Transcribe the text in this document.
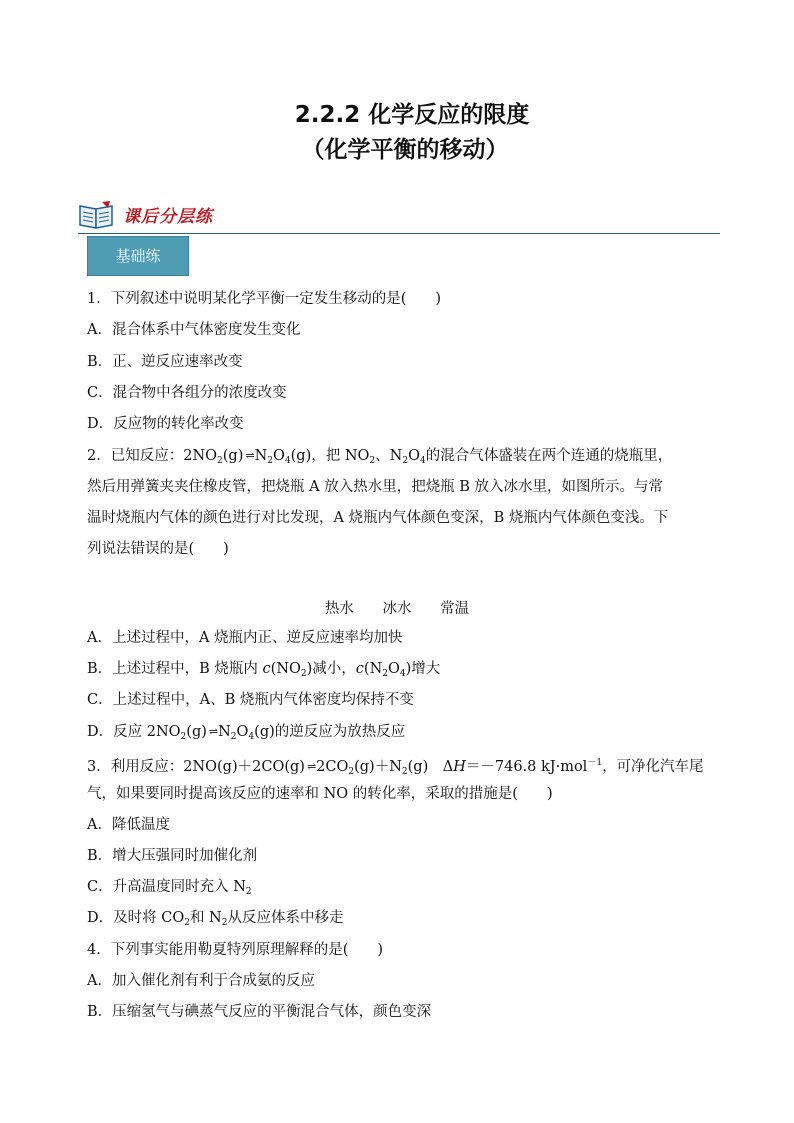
2.2.2 化学反应的限度
（化学平衡的移动）
课后分层练
基础练
1．下列叙述中说明某化学平衡一定发生移动的是(　　)
A．混合体系中气体密度发生变化
B．正、逆反应速率改变
C．混合物中各组分的浓度改变
D．反应物的转化率改变
2．已知反应：$2NO_2(g)$ ⇌ $N_2O_4(g)$，把 $NO_2$、$N_2O_4$的混合气体盛装在两个连通的烧瓶里，
然后用弹簧夹夹住橡皮管，把烧瓶 A 放入热水里，把烧瓶 B 放入冰水里，如图所示。与常
温时烧瓶内气体的颜色进行对比发现，A 烧瓶内气体颜色变深，B 烧瓶内气体颜色变浅。下
列说法错误的是(　　)
热水 冰水 常温
A．上述过程中，A 烧瓶内正、逆反应速率均加快
B．上述过程中，B 烧瓶内 $c(NO_2)$减小，$c(N_2O_4)$增大
C．上述过程中，A、B 烧瓶内气体密度均保持不变
D．反应 $2NO_2(g)$ ⇌ $N_2O_4(g)$的逆反应为放热反应
3．利用反应：2NO(g)＋2CO(g) ⇌ $2CO_2(g)+N_2(g)$　ΔH＝－746.8 kJ·mol$^{-1}$，可净化汽车尾
气，如果要同时提高该反应的速率和 NO 的转化率，采取的措施是(　　)
A．降低温度
B．增大压强同时加催化剂
C．升高温度同时充入 $N_2$
D．及时将 $CO_2$和 $N_2$从反应体系中移走
4．下列事实能用勒夏特列原理解释的是(　　)
A．加入催化剂有利于合成氨的反应
B．压缩氢气与碘蒸气反应的平衡混合气体，颜色变深
